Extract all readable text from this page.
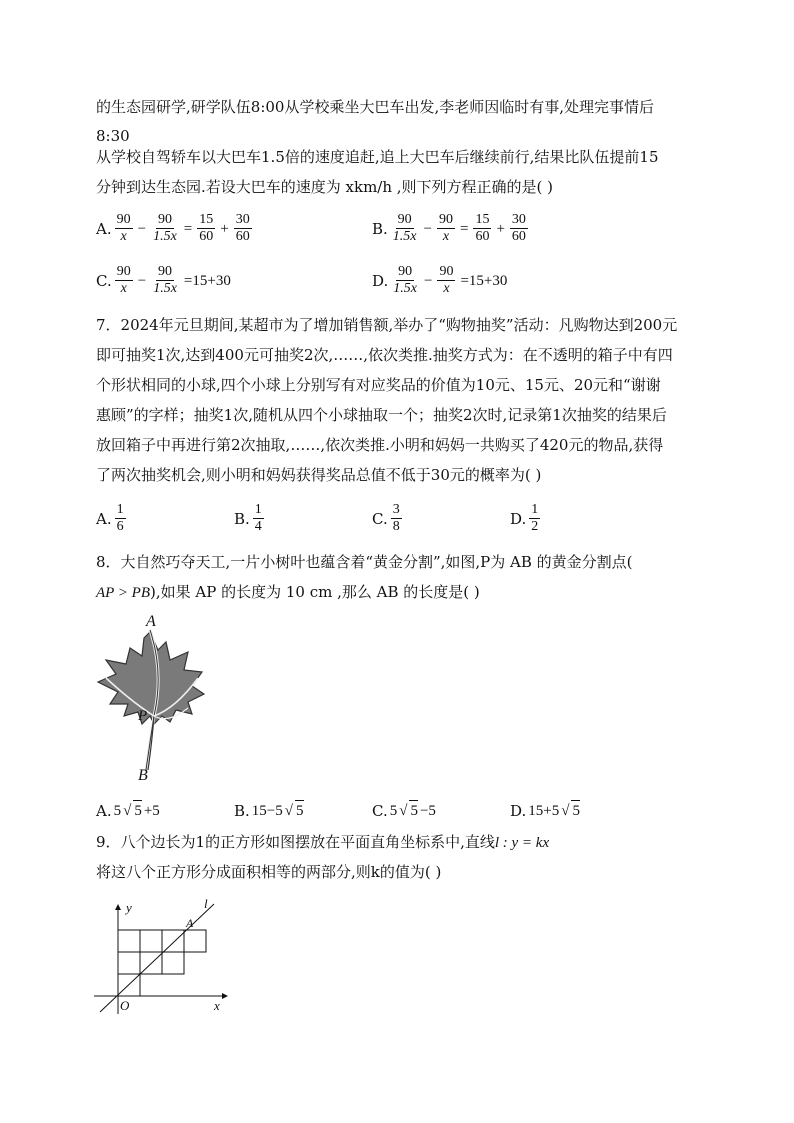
的生态园研学,研学队伍8:00从学校乘坐大巴车出发,李老师因临时有事,处理完事情后
8:30
从学校自驾轿车以大巴车1.5倍的速度追赶,追上大巴车后继续前行,结果比队伍提前15
分钟到达生态园.若设大巴车的速度为 xkm/h ,则下列方程正确的是( )
A. $\frac{90}{x} - \frac{90}{1.5x} = \frac{15}{60} + \frac{30}{60}$	B. $\frac{90}{1.5x} - \frac{90}{x} = \frac{15}{60} + \frac{30}{60}$
C. $\frac{90}{x} - \frac{90}{1.5x} =15+30$	D. $\frac{90}{1.5x} - \frac{90}{x} =15+30$
7．2024年元旦期间,某超市为了增加销售额,举办了“购物抽奖”活动：凡购物达到200元
即可抽奖1次,达到400元可抽奖2次,……,依次类推.抽奖方式为：在不透明的箱子中有四
个形状相同的小球,四个小球上分别写有对应奖品的价值为10元、15元、20元和“谢谢
惠顾”的字样；抽奖1次,随机从四个小球抽取一个；抽奖2次时,记录第1次抽奖的结果后
放回箱子中再进行第2次抽取,……,依次类推.小明和妈妈一共购买了420元的物品,获得
了两次抽奖机会,则小明和妈妈获得奖品总值不低于30元的概率为( )
A. $\frac{1}{6}$	B. $\frac{1}{4}$	C. $\frac{3}{8}$	D. $\frac{1}{2}$
8．大自然巧夺天工,一片小树叶也蕴含着“黄金分割”,如图,P为 AB 的黄金分割点(
AP > PB),如果 AP 的长度为 10 cm ,那么 AB 的长度是( )
A
P
B
A. 5 √ 5 +5	B. 15−5 √ 5	C. 5 √ 5 −5	D. 15+5 √ 5
9．八个边长为1的正方形如图摆放在平面直角坐标系中,直线l : y = kx
将这八个正方形分成面积相等的两部分,则k的值为( )
y
x
O
A
l
